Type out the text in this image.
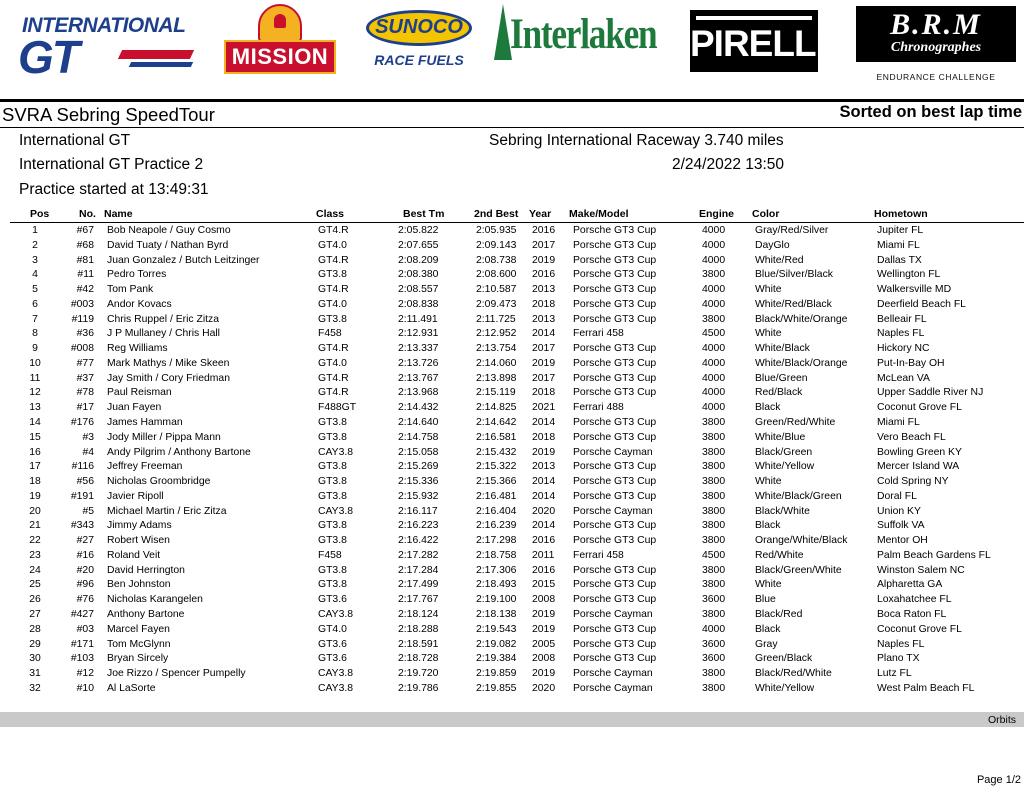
INTERNATIONAL
GT	MISSION
SUNOCO
RACE FUELS
Interlaken PIRELLI	B.R.M
Chronographes
ENDURANCE CHALLENGE
SVRA Sebring SpeedTour	Sorted on best lap time
International GT
International GT Practice 2
Practice started at 13:49:31
Sebring International Raceway 3.740 miles
2/24/2022 13:50
Pos	No. Name	Class	Best Tm	2nd Best Year Make/Model	Engine Color	Hometown
1	#67 Bob Neapole / Guy Cosmo	GT4.R	2:05.822	2:05.935 2016 Porsche GT3 Cup	4000	Gray/Red/Silver	Jupiter FL
2	#68 David Tuaty / Nathan Byrd	GT4.0	2:07.655	2:09.143 2017 Porsche GT3 Cup	4000	DayGlo	Miami FL
3	#81 Juan Gonzalez / Butch Leitzinger	GT4.R	2:08.209	2:08.738 2019 Porsche GT3 Cup	4000	White/Red	Dallas TX
4	#11 Pedro Torres	GT3.8	2:08.380	2:08.600 2016 Porsche GT3 Cup	3800	Blue/Silver/Black	Wellington FL
5	#42 Tom Pank	GT4.R	2:08.557	2:10.587 2013 Porsche GT3 Cup	4000	White	Walkersville MD
6	#003 Andor Kovacs	GT4.0	2:08.838	2:09.473 2018 Porsche GT3 Cup	4000	White/Red/Black	Deerfield Beach FL
7	#119 Chris Ruppel / Eric Zitza	GT3.8	2:11.491	2:11.725 2013 Porsche GT3 Cup	3800	Black/White/Orange	Belleair FL
8	#36 J P Mullaney / Chris Hall	F458	2:12.931	2:12.952 2014 Ferrari 458	4500	White	Naples FL
9	#008 Reg Williams	GT4.R	2:13.337	2:13.754 2017 Porsche GT3 Cup	4000	White/Black	Hickory NC
10	#77 Mark Mathys / Mike Skeen	GT4.0	2:13.726	2:14.060 2019 Porsche GT3 Cup	4000	White/Black/Orange	Put-In-Bay OH
11	#37 Jay Smith / Cory Friedman	GT4.R	2:13.767	2:13.898 2017 Porsche GT3 Cup	4000	Blue/Green	McLean VA
12	#78 Paul Reisman	GT4.R	2:13.968	2:15.119 2018 Porsche GT3 Cup	4000	Red/Black	Upper Saddle River NJ
13	#17 Juan Fayen	F488GT	2:14.432	2:14.825 2021 Ferrari 488	4000	Black	Coconut Grove FL
14	#176 James Hamman	GT3.8	2:14.640	2:14.642 2014 Porsche GT3 Cup	3800	Green/Red/White	Miami FL
15	#3 Jody Miller / Pippa Mann	GT3.8	2:14.758	2:16.581 2018 Porsche GT3 Cup	3800	White/Blue	Vero Beach FL
16	#4 Andy Pilgrim / Anthony Bartone	CAY3.8	2:15.058	2:15.432 2019 Porsche Cayman	3800	Black/Green	Bowling Green KY
17	#116 Jeffrey Freeman	GT3.8	2:15.269	2:15.322 2013 Porsche GT3 Cup	3800	White/Yellow	Mercer Island WA
18	#56 Nicholas Groombridge	GT3.8	2:15.336	2:15.366 2014 Porsche GT3 Cup	3800	White	Cold Spring NY
19	#191 Javier Ripoll	GT3.8	2:15.932	2:16.481 2014 Porsche GT3 Cup	3800	White/Black/Green	Doral FL
20	#5 Michael Martin / Eric Zitza	CAY3.8	2:16.117	2:16.404 2020 Porsche Cayman	3800	Black/White	Union KY
21	#343 Jimmy Adams	GT3.8	2:16.223	2:16.239 2014 Porsche GT3 Cup	3800	Black	Suffolk VA
22	#27 Robert Wisen	GT3.8	2:16.422	2:17.298 2016 Porsche GT3 Cup	3800	Orange/White/Black	Mentor OH
23	#16 Roland Veit	F458	2:17.282	2:18.758 2011 Ferrari 458	4500	Red/White	Palm Beach Gardens FL
24	#20 David Herrington	GT3.8	2:17.284	2:17.306 2016 Porsche GT3 Cup	3800	Black/Green/White	Winston Salem NC
25	#96 Ben Johnston	GT3.8	2:17.499	2:18.493 2015 Porsche GT3 Cup	3800	White	Alpharetta GA
26	#76 Nicholas Karangelen	GT3.6	2:17.767	2:19.100 2008 Porsche GT3 Cup	3600	Blue	Loxahatchee FL
27	#427 Anthony Bartone	CAY3.8	2:18.124	2:18.138 2019 Porsche Cayman	3800	Black/Red	Boca Raton FL
28	#03 Marcel Fayen	GT4.0	2:18.288	2:19.543 2019 Porsche GT3 Cup	4000	Black	Coconut Grove FL
29	#171 Tom McGlynn	GT3.6	2:18.591	2:19.082 2005 Porsche GT3 Cup	3600	Gray	Naples FL
30	#103 Bryan Sircely	GT3.6	2:18.728	2:19.384 2008 Porsche GT3 Cup	3600	Green/Black	Plano TX
31	#12 Joe Rizzo / Spencer Pumpelly	CAY3.8	2:19.720	2:19.859 2019 Porsche Cayman	3800	Black/Red/White	Lutz FL
32	#10 Al LaSorte	CAY3.8	2:19.786	2:19.855 2020 Porsche Cayman	3800	White/Yellow	West Palm Beach FL
Orbits
Page 1/2
